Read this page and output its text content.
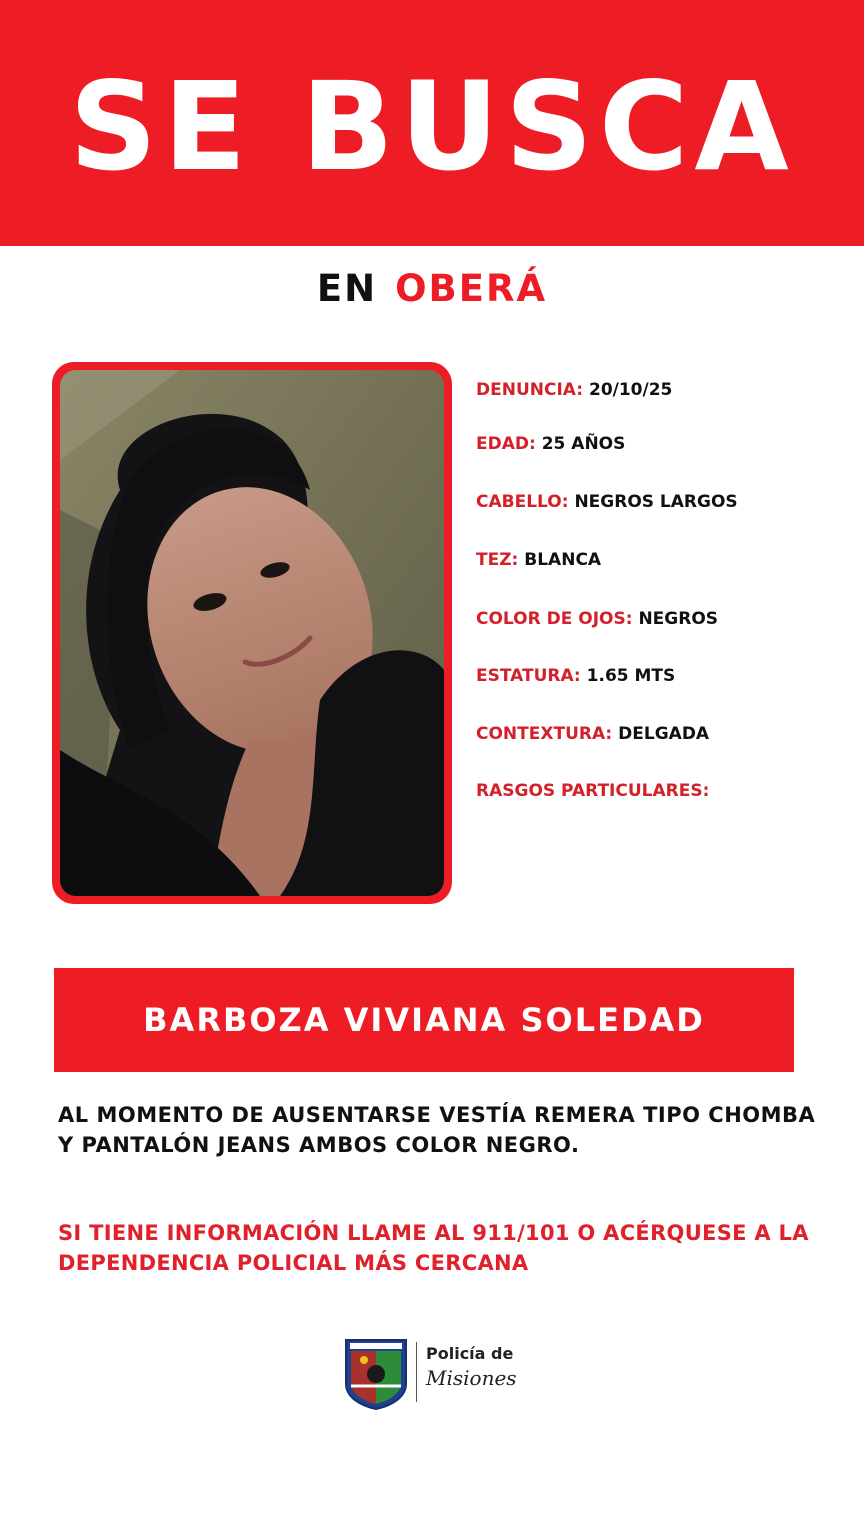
SE BUSCA
EN OBERÁ
DENUNCIA: 20/10/25
EDAD: 25 AÑOS
CABELLO: NEGROS LARGOS
TEZ: BLANCA
COLOR DE OJOS: NEGROS
ESTATURA: 1.65 MTS
CONTEXTURA: DELGADA
RASGOS PARTICULARES:
BARBOZA VIVIANA SOLEDAD
AL MOMENTO DE AUSENTARSE VESTÍA REMERA TIPO CHOMBA Y PANTALÓN JEANS AMBOS COLOR NEGRO.
SI TIENE INFORMACIÓN LLAME AL 911/101 O ACÉRQUESE A LA DEPENDENCIA POLICIAL MÁS CERCANA
Policía de
Misiones
